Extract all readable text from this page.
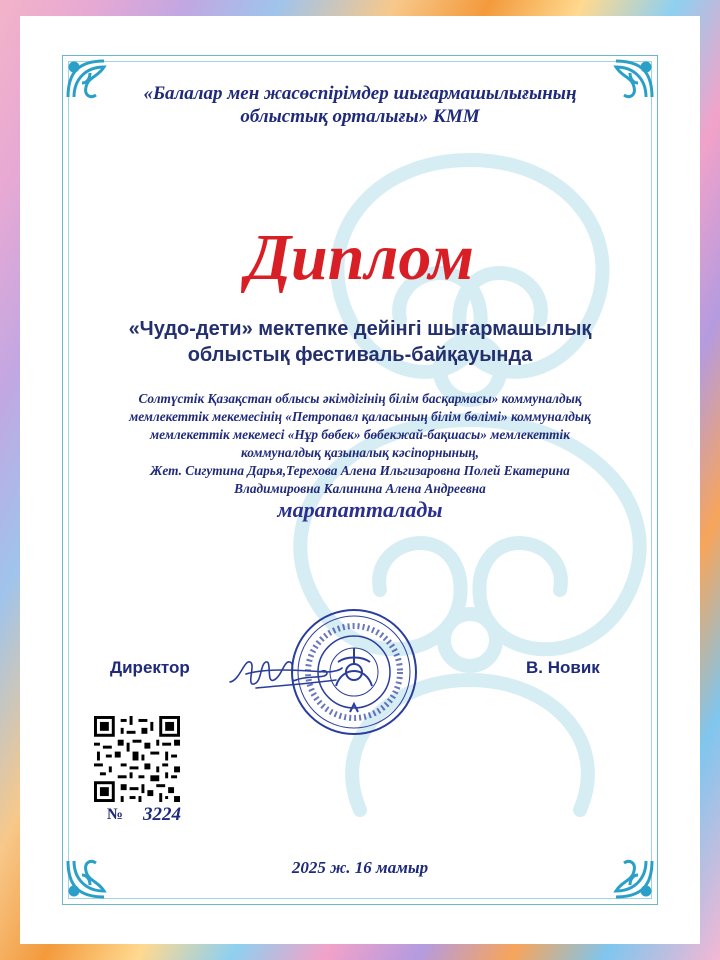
«Балалар мен жасөспірімдер шығармашылығының
облыстық орталығы» КММ
Диплом
«Чудо-дети» мектепке дейінгі шығармашылық
облыстық фестиваль-байқауында
Солтүстік Қазақстан облысы әкімдігінің білім басқармасы» коммуналдық
мемлекеттік мекемесінің «Петропавл қаласының білім бөлімі» коммуналдық
мемлекеттік мекемесі «Нұр бөбек» бөбекжай-бақшасы» мемлекеттік
коммуналдық қазыналық кәсіпорнының,
Жет. Сигутина Дарья,Терехова Алена Ильгизаровна Полей Екатерина
Владимировна Калинина Алена Андреевна
марапатталады
Директор	В. Новик
№ 3224
2025 ж. 16 мамыр
